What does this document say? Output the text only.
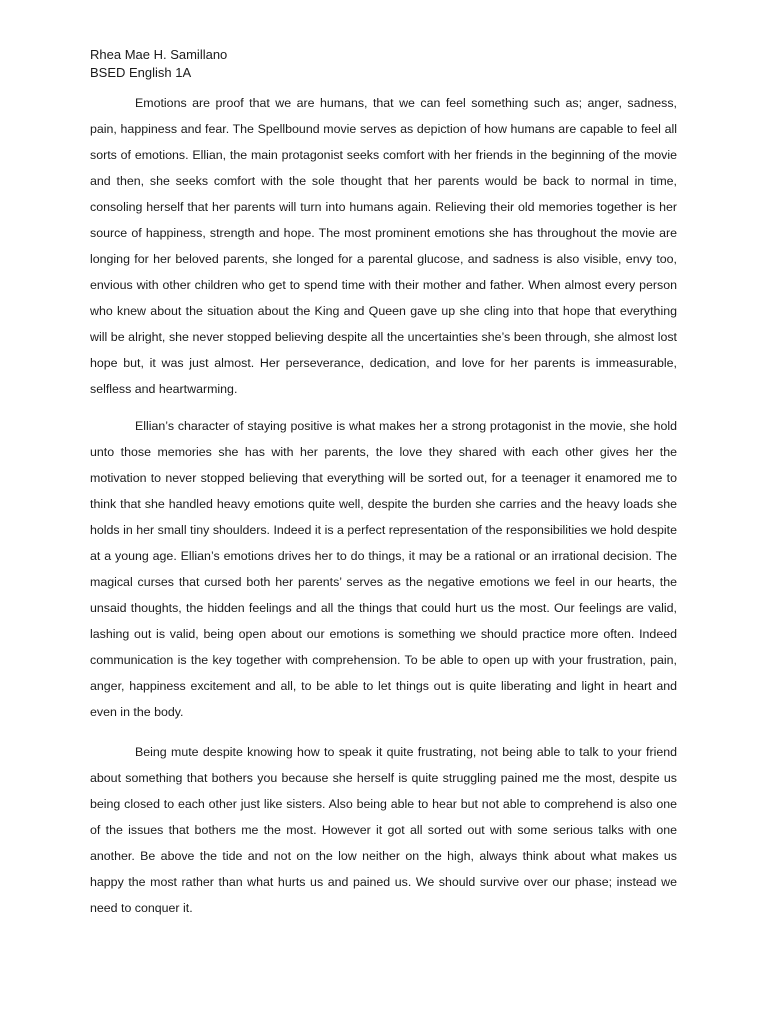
Rhea Mae H. Samillano
BSED English 1A

Emotions are proof that we are humans, that we can feel something such as; anger, sadness, pain, happiness and fear. The Spellbound movie serves as depiction of how humans are capable to feel all sorts of emotions. Ellian, the main protagonist seeks comfort with her friends in the beginning of the movie and then, she seeks comfort with the sole thought that her parents would be back to normal in time, consoling herself that her parents will turn into humans again. Relieving their old memories together is her source of happiness, strength and hope. The most prominent emotions she has throughout the movie are longing for her beloved parents, she longed for a parental glucose, and sadness is also visible, envy too, envious with other children who get to spend time with their mother and father. When almost every person who knew about the situation about the King and Queen gave up she cling into that hope that everything will be alright, she never stopped believing despite all the uncertainties she’s been through, she almost lost hope but, it was just almost. Her perseverance, dedication, and love for her parents is immeasurable, selfless and heartwarming.

Ellian’s character of staying positive is what makes her a strong protagonist in the movie, she hold unto those memories she has with her parents, the love they shared with each other gives her the motivation to never stopped believing that everything will be sorted out, for a teenager it enamored me to think that she handled heavy emotions quite well, despite the burden she carries and the heavy loads she holds in her small tiny shoulders. Indeed it is a perfect representation of the responsibilities we hold despite at a young age. Ellian’s emotions drives her to do things, it may be a rational or an irrational decision. The magical curses that cursed both her parents’ serves as the negative emotions we feel in our hearts, the unsaid thoughts, the hidden feelings and all the things that could hurt us the most. Our feelings are valid, lashing out is valid, being open about our emotions is something we should practice more often. Indeed communication is the key together with comprehension. To be able to open up with your frustration, pain, anger, happiness excitement and all, to be able to let things out is quite liberating and light in heart and even in the body.

Being mute despite knowing how to speak it quite frustrating, not being able to talk to your friend about something that bothers you because she herself is quite struggling pained me the most, despite us being closed to each other just like sisters. Also being able to hear but not able to comprehend is also one of the issues that bothers me the most. However it got all sorted out with some serious talks with one another. Be above the tide and not on the low neither on the high, always think about what makes us happy the most rather than what hurts us and pained us. We should survive over our phase; instead we need to conquer it.
